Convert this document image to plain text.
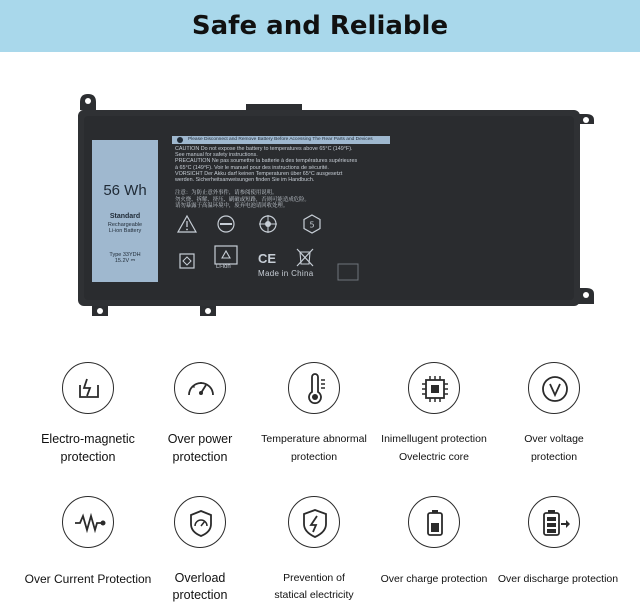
Safe and Reliable
56 Wh
Standard
Rechargeable
Li-ion Battery
Type 33YDH
15.2V ⎓
Please Disconnect and Remove Battery Before Accessing The Rear Parts and Devices
CAUTION Do not expose the battery to temperatures above 65°C (149°F).
See manual for safety instructions.
PRECAUTION Ne pas soumettre la batterie à des températures supérieures
à 65°C (149°F). Voir le manuel pour des instructions de sécurité.
VORSICHT Der Akku darf keinen Temperaturen über 65°C ausgesetzt
werden. Sicherheitsanweisungen finden Sie im Handbuch.
注意：为防止意外事件，请参阅使用说明。
勿火烧、拆解、挤压、刷破或短路，否则可能造成危险。
请勿暴露于高温环境中，废弃电池请回收处理。
5
Li-ion
CE
Made in China
Electro-magnetic
protection
Over power
protection
Temperature abnormal
protection
Inimellugent protection
Ovelectric core
Over voltage
protection
Over Current Protection	Overload
protection
Prevention of
statical electricity
Over charge protection Over discharge protection
